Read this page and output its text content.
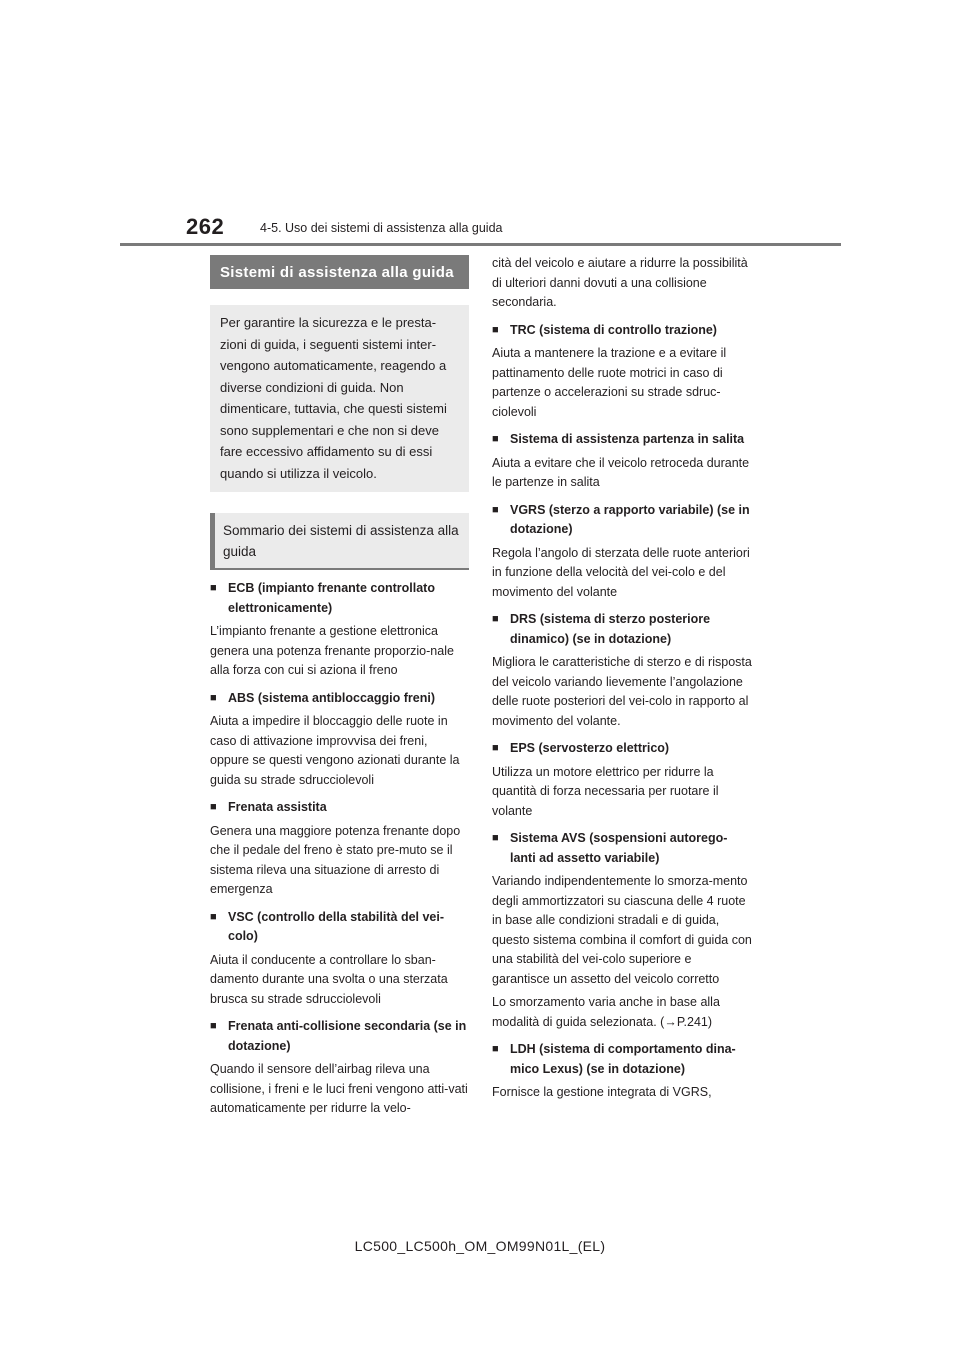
262	4-5. Uso dei sistemi di assistenza alla guida
Sistemi di assistenza alla guida

Per garantire la sicurezza e le presta-zioni di guida, i seguenti sistemi inter-vengono automaticamente, reagendo a diverse condizioni di guida. Non dimenticare, tuttavia, che questi sistemi sono supplementari e che non si deve fare eccessivo affidamento su di essi quando si utilizza il veicolo.

Sommario dei sistemi di assistenza alla guida

■ ECB (impianto frenante controllato elettronicamente)

L’impianto frenante a gestione elettronica genera una potenza frenante proporzio-nale alla forza con cui si aziona il freno

■ ABS (sistema antibloccaggio freni)

Aiuta a impedire il bloccaggio delle ruote in caso di attivazione improvvisa dei freni, oppure se questi vengono azionati durante la guida su strade sdrucciolevoli

■ Frenata assistita

Genera una maggiore potenza frenante dopo che il pedale del freno è stato pre-muto se il sistema rileva una situazione di arresto di emergenza

■ VSC (controllo della stabilità del vei-colo)

Aiuta il conducente a controllare lo sban-damento durante una svolta o una sterzata brusca su strade sdrucciolevoli

■ Frenata anti-collisione secondaria (se in dotazione)

Quando il sensore dell’airbag rileva una collisione, i freni e le luci freni vengono atti-vati automaticamente per ridurre la velo-

cità del veicolo e aiutare a ridurre la possibilità di ulteriori danni dovuti a una collisione secondaria.

■ TRC (sistema di controllo trazione)

Aiuta a mantenere la trazione e a evitare il pattinamento delle ruote motrici in caso di partenze o accelerazioni su strade sdruc-ciolevoli

■ Sistema di assistenza partenza in salita

Aiuta a evitare che il veicolo retroceda durante le partenze in salita

■ VGRS (sterzo a rapporto variabile) (se in dotazione)

Regola l’angolo di sterzata delle ruote anteriori in funzione della velocità del vei-colo e del movimento del volante

■ DRS (sistema di sterzo posteriore dinamico) (se in dotazione)

Migliora le caratteristiche di sterzo e di risposta del veicolo variando lievemente l’angolazione delle ruote posteriori del vei-colo in rapporto al movimento del volante.

■ EPS (servosterzo elettrico)

Utilizza un motore elettrico per ridurre la quantità di forza necessaria per ruotare il volante

■ Sistema AVS (sospensioni autorego-lanti ad assetto variabile)

Variando indipendentemente lo smorza-mento degli ammortizzatori su ciascuna delle 4 ruote in base alle condizioni stradali e di guida, questo sistema combina il comfort di guida con una stabilità del vei-colo superiore e garantisce un assetto del veicolo corretto

Lo smorzamento varia anche in base alla modalità di guida selezionata. (→P.241)

■ LDH (sistema di comportamento dina-mico Lexus) (se in dotazione)

Fornisce la gestione integrata di VGRS,

LC500_LC500h_OM_OM99N01L_(EL)
